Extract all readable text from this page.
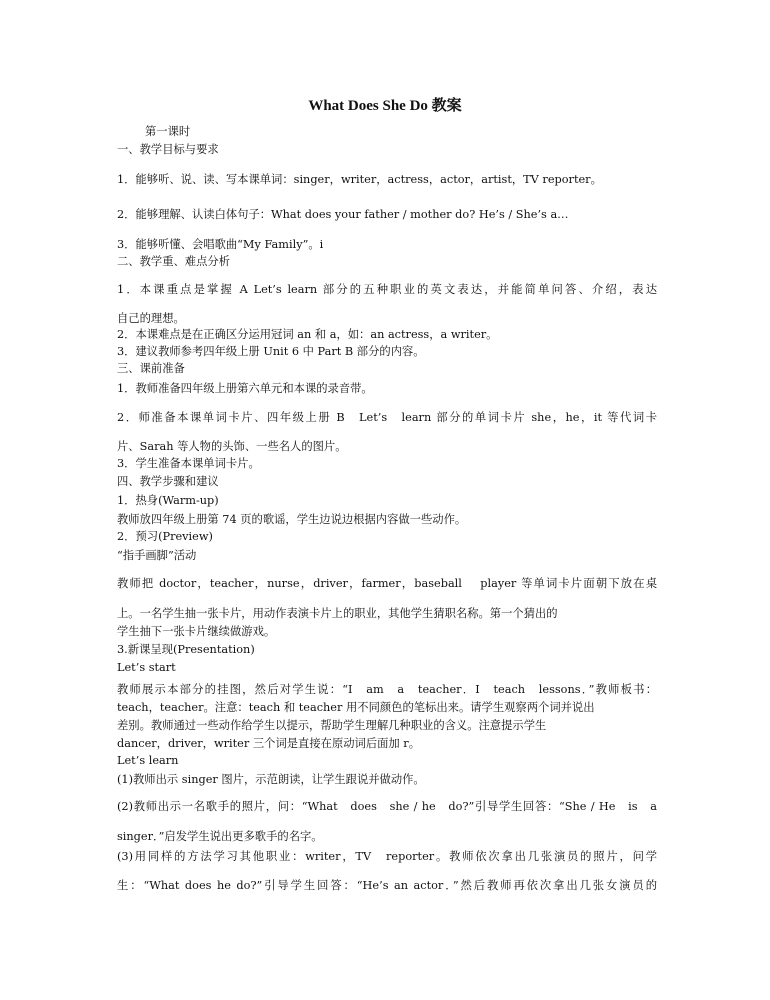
What Does She Do 教案
第一课时
一、教学目标与要求
1．能够听、说、读、写本课单词：singer，writer，actress，actor，artist，TV reporter。
2．能够理解、认读白体句子：What does your father / mother do? He’s / She’s a…
3．能够听懂、会唱歌曲“My Family”。i
二、教学重、难点分析
1．本课重点是掌握 A Let’s learn 部分的五种职业的英文表达，并能简单问答、介绍，表达
自己的理想。
2．本课难点是在正确区分运用冠词 an 和 a，如：an actress，a writer。
3．建议教师参考四年级上册 Unit 6 中 Part B 部分的内容。
三、课前准备
1．教师准备四年级上册第六单元和本课的录音带。
2．师准备本课单词卡片、四年级上册 B　Let’s　learn 部分的单词卡片 she，he，it 等代词卡
片、Sarah 等人物的头饰、一些名人的图片。
3．学生准备本课单词卡片。
四、教学步骤和建议
1．热身(Warm-up)
教师放四年级上册第 74 页的歌谣，学生边说边根据内容做一些动作。
2．预习(Preview)
“指手画脚”活动
教师把 doctor，teacher，nurse，driver，farmer，baseball　 player 等单词卡片面朝下放在桌
上。一名学生抽一张卡片，用动作表演卡片上的职业，其他学生猜职名称。第一个猜出的
学生抽下一张卡片继续做游戏。
3.新课呈现(Presentation)
Let’s start
教师展示本部分的挂图，然后对学生说：“I　am　a　teacher．I　teach　lessons．”教师板书：
teach，teacher。注意：teach 和 teacher 用不同颜色的笔标出来。请学生观察两个词并说出
差别。教师通过一些动作给学生以提示，帮助学生理解几种职业的含义。注意提示学生
dancer，driver，writer 三个词是直接在原动词后面加 r。
Let’s learn
(1)教师出示 singer 图片，示范朗读，让学生跟说并做动作。
(2)教师出示一名歌手的照片，问：“What　does　she / he　do?”引导学生回答：“She / He　is　a
singer．”启发学生说出更多歌手的名字。
(3)用同样的方法学习其他职业：writer，TV　reporter。教师依次拿出几张演员的照片，问学
生：“What does he do?”引导学生回答：“He’s an actor．”然后教师再依次拿出几张女演员的
